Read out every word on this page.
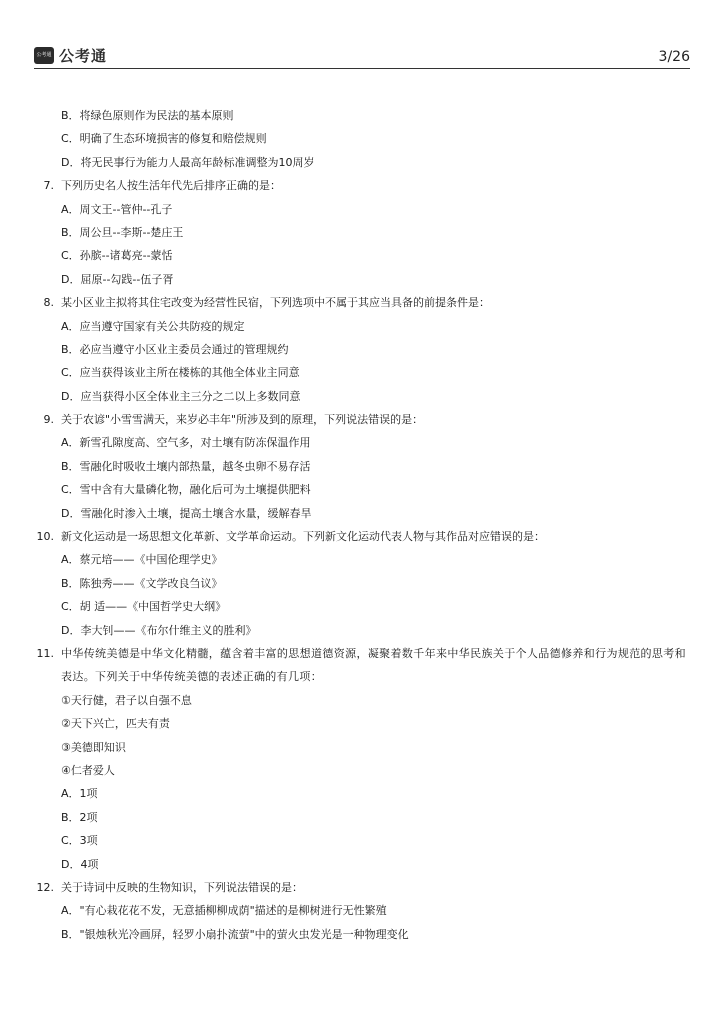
公考通 公考通	3/26
B．将绿色原则作为民法的基本原则
C．明确了生态环境损害的修复和赔偿规则
D．将无民事行为能力人最高年龄标准调整为10周岁
7. 下列历史名人按生活年代先后排序正确的是：
A．周文王--管仲--孔子
B．周公旦--李斯--楚庄王
C．孙膑--诸葛亮--蒙恬
D．屈原--勾践--伍子胥
8. 某小区业主拟将其住宅改变为经营性民宿，下列选项中不属于其应当具备的前提条件是：
A．应当遵守国家有关公共防疫的规定
B．必应当遵守小区业主委员会通过的管理规约
C．应当获得该业主所在楼栋的其他全体业主同意
D．应当获得小区全体业主三分之二以上多数同意
9. 关于农谚"小雪雪满天，来岁必丰年"所涉及到的原理，下列说法错误的是：
A．新雪孔隙度高、空气多，对土壤有防冻保温作用
B．雪融化时吸收土壤内部热量，越冬虫卵不易存活
C．雪中含有大量磷化物，融化后可为土壤提供肥料
D．雪融化时渗入土壤，提高土壤含水量，缓解春旱
10. 新文化运动是一场思想文化革新、文学革命运动。下列新文化运动代表人物与其作品对应错误的是：
A．蔡元培——《中国伦理学史》
B．陈独秀——《文学改良刍议》
C．胡 适——《中国哲学史大纲》
D．李大钊——《布尔什维主义的胜利》
11. 中华传统美德是中华文化精髓，蕴含着丰富的思想道德资源，凝聚着数千年来中华民族关于个人品德修养和行为规范的思考和表达。下列关于中华传统美德的表述正确的有几项：
①天行健，君子以自强不息
②天下兴亡，匹夫有责
③美德即知识
④仁者爱人
A．1项
B．2项
C．3项
D．4项
12. 关于诗词中反映的生物知识，下列说法错误的是：
A．"有心栽花花不发，无意插柳柳成荫"描述的是柳树进行无性繁殖
B．"银烛秋光冷画屏，轻罗小扇扑流萤"中的萤火虫发光是一种物理变化
